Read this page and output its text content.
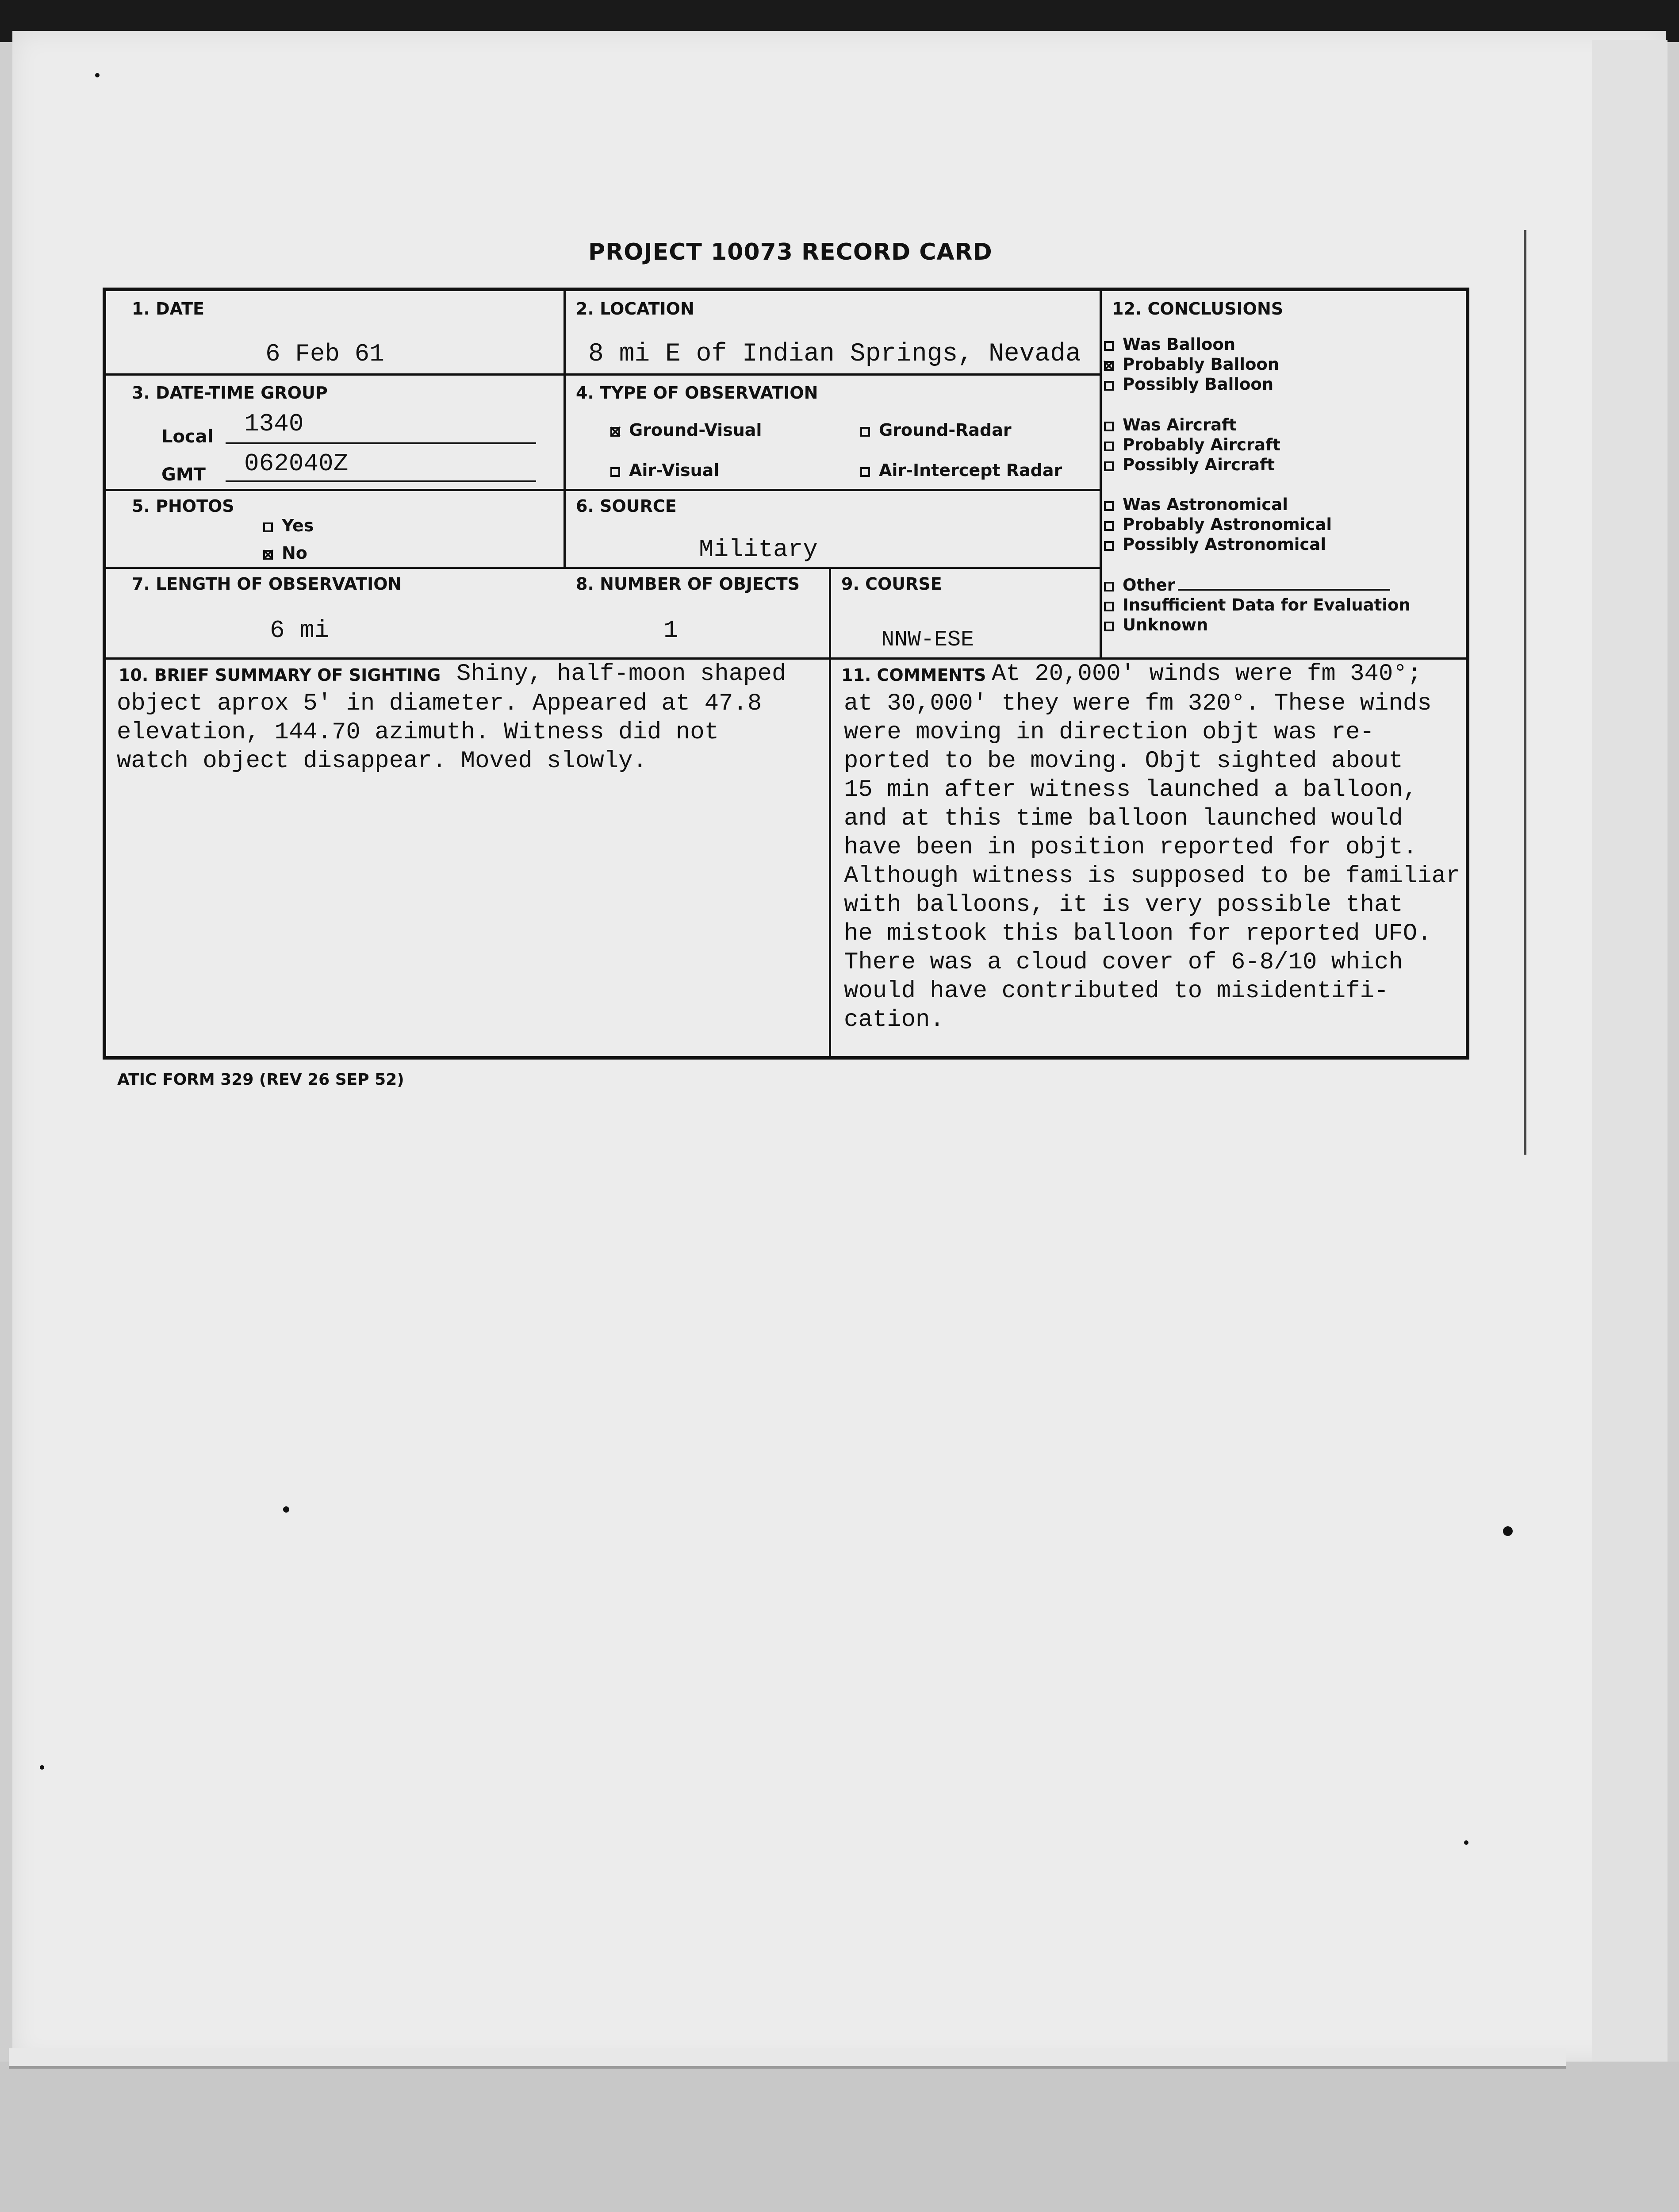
PROJECT 10073 RECORD CARD
1. DATE
6 Feb 61
2. LOCATION
8 mi E of Indian Springs, Nevada
3. DATE-TIME GROUP
Local 1340
GMT 062040Z
4. TYPE OF OBSERVATION
Ground-Visual	Ground-Radar
Air-Visual	Air-Intercept Radar
5. PHOTOS
Yes
No
6. SOURCE
Military
7. LENGTH OF OBSERVATION
6 mi
8. NUMBER OF OBJECTS
1
9. COURSE
NNW-ESE
10. BRIEF SUMMARY OF SIGHTING Shiny, half-moon shaped
object aprox 5' in diameter. Appeared at 47.8
elevation, 144.70 azimuth. Witness did not
watch object disappear. Moved slowly.
11. COMMENTS At 20,000' winds were fm 340°;
at 30,000' they were fm 320°. These winds
were moving in direction objt was re-
ported to be moving. Objt sighted about
15 min after witness launched a balloon,
and at this time balloon launched would
have been in position reported for objt.
Although witness is supposed to be familiar
with balloons, it is very possible that
he mistook this balloon for reported UFO.
There was a cloud cover of 6-8/10 which
would have contributed to misidentifi-
cation.
12. CONCLUSIONS
Was Balloon
Probably Balloon
Possibly Balloon
Was Aircraft
Probably Aircraft
Possibly Aircraft
Was Astronomical
Probably Astronomical
Possibly Astronomical
Other
Insufficient Data for Evaluation
Unknown
ATIC FORM 329 (REV 26 SEP 52)
